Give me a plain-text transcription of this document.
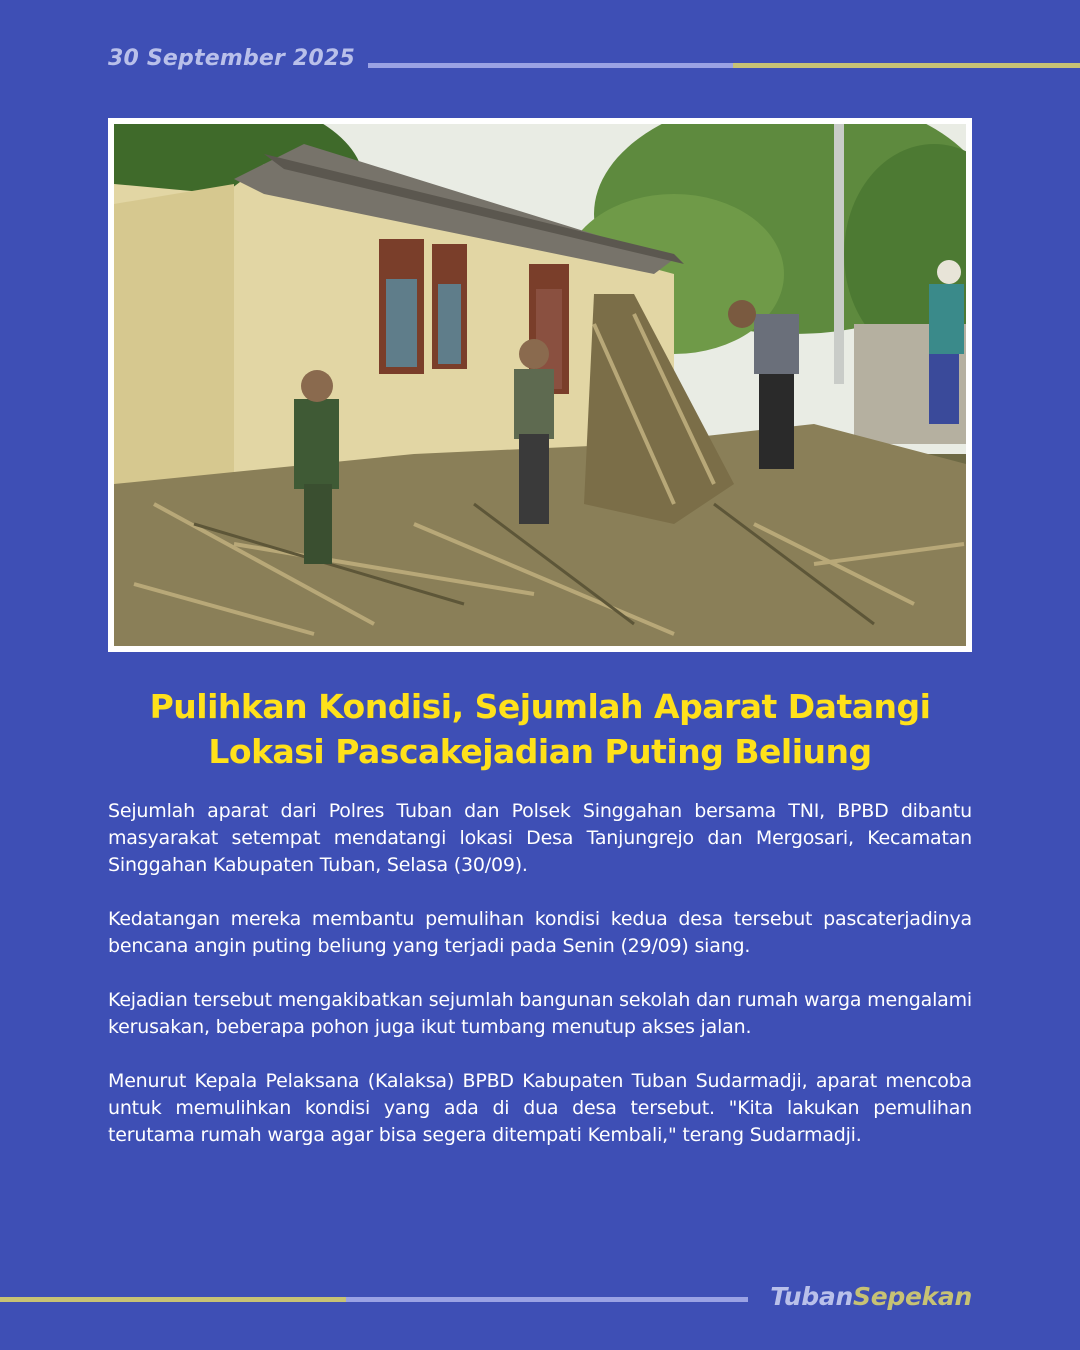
30 September 2025
Pulihkan Kondisi, Sejumlah Aparat Datangi
Lokasi Pascakejadian Puting Beliung

Sejumlah aparat dari Polres Tuban dan Polsek Singgahan bersama TNI, BPBD dibantu masyarakat setempat mendatangi lokasi Desa Tanjungrejo dan Mergosari, Kecamatan Singgahan Kabupaten Tuban, Selasa (30/09).

Kedatangan mereka membantu pemulihan kondisi kedua desa tersebut pascaterjadinya bencana angin puting beliung yang terjadi pada Senin (29/09) siang.

Kejadian tersebut mengakibatkan sejumlah bangunan sekolah dan rumah warga mengalami kerusakan, beberapa pohon juga ikut tumbang menutup akses jalan.

Menurut Kepala Pelaksana (Kalaksa) BPBD Kabupaten Tuban Sudarmadji, aparat mencoba untuk memulihkan kondisi yang ada di dua desa tersebut. "Kita lakukan pemulihan terutama rumah warga agar bisa segera ditempati Kembali," terang Sudarmadji.

TubanSepekan
